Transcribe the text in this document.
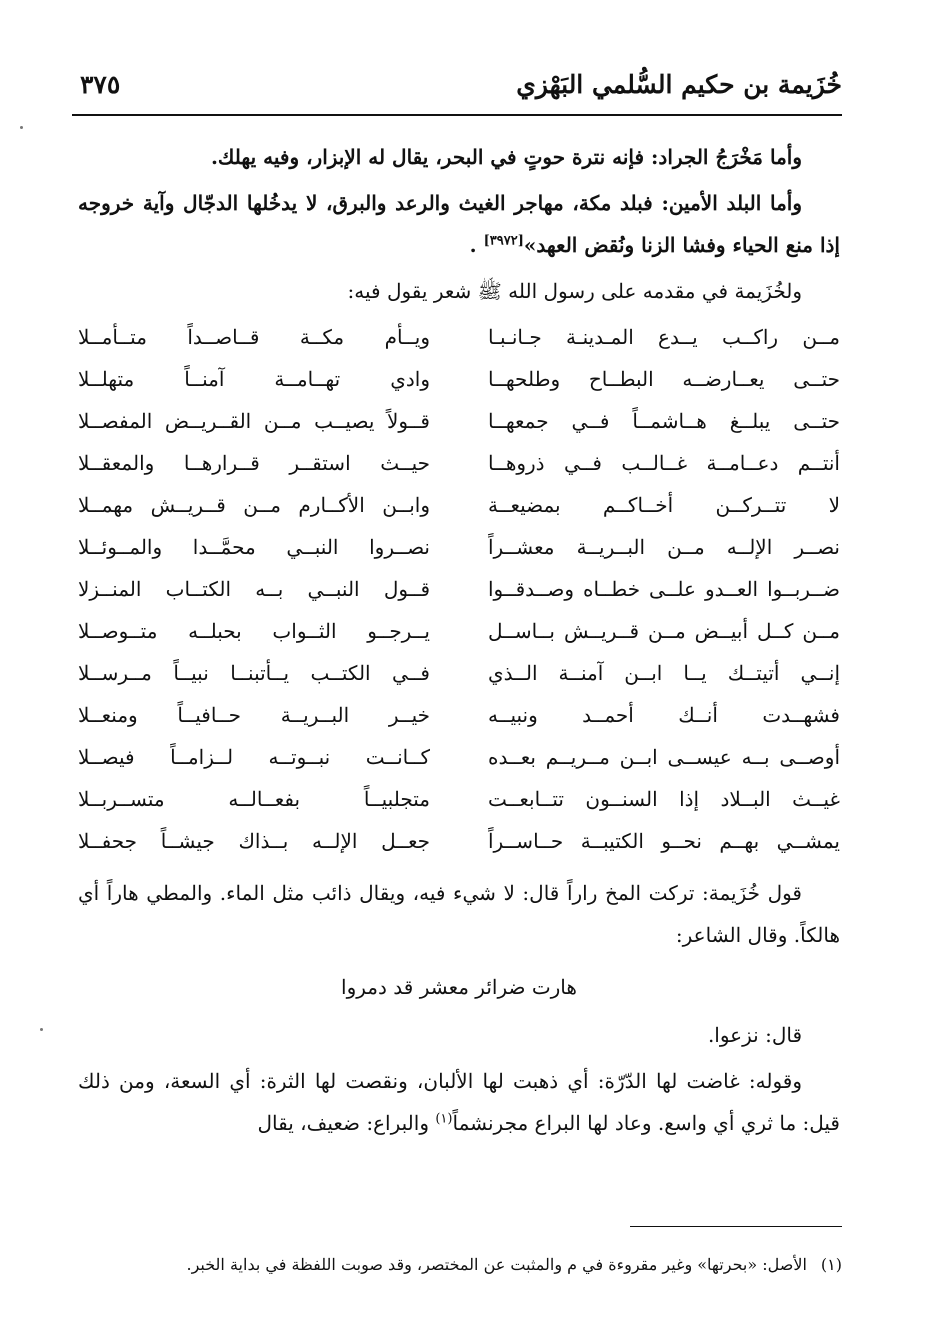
خُزَيمة بن حكيم السُّلمي البَهْزي
٣٧٥

وأما مَخْرَجُ الجراد: فإنه نترة حوتٍ في البحر، يقال له الإبزار، وفيه يهلك.

وأما البلد الأمين: فبلد مكة، مهاجر الغيث والرعد والبرق، لا يدخُلها الدجّال وآية خروجه إذا منع الحياء وفشا الزنا ونُقض العهد»[٣٩٧٢] .

ولخُزَيمة في مقدمه على رسول الله ﷺ شعر يقول فيه:

مــن راكــب يــدع المـدينـة جـانـبـا
ويــأم مكــة قــاصــداً متــأمــلا
حتــى يعــارضــه البطــاح وطلحهــا
وادي تهــامــة آمنــاً متهلــلا
حتــى يبلــغ هــاشمــاً فــي جمعهــا
قــولاً يصيــب مــن القــريــض المفصــلا
أنتــم دعــامــة غــالــب فــي ذروهــا
حيــث استقــر قــرارهــا والمعقــلا
لا تتــركــن أخــاكــم بمضيعــة
وابــن الأكــارم مــن قــريــش مهمــلا
نصــر الإلــه مــن البــريــة معشــراً
نصــروا النبــي محمَّــدا والمــوئــلا
ضــربــوا العــدو علــى خطــاه وصــدقــوا
قــول النبــي بــه الكتــاب المنــزلا
مــن كــل أبيــض مــن قــريــش بــاســل
يــرجــو الثــواب بحبلــه متــوصــلا
إنــي أتيتــك يــا ابــن آمنــة الــذي
فــي الكتــب يــأتبنــا نبيــاً مــرســلا
فشهــدت أنــك أحمــد ونبيــه
خيــر البــريــة حــافيــاً ومنعــلا
أوصــى بــه عيســى ابــن مــريــم بعــده
كــانــت نبــوتــه لــزامــاً فيصــلا
غيــث البــلاد إذا السنــون تتــابعــت
متجلبيــاً بفعــالــه متســربــلا
يمشــي بهــم نحــو الكتيبــة حــاســراً
جعــل الإلــه بــذاك جيشــاً جحفــلا

قول خُزَيمة: تركت المخ راراً قال: لا شيء فيه، ويقال ذائب مثل الماء. والمطي هاراً أي هالكاً. وقال الشاعر:

هارت ضرائر معشر قد دمروا

قال: نزعوا.

وقوله: غاضت لها الدّرّة: أي ذهبت لها الألبان، ونقصت لها الثرة: أي السعة، ومن ذلك قيل: ما ثري أي واسع. وعاد لها البراع مجرنشماً$^{(١)}$ والبراع: ضعيف، يقال

(١)الأصل: «بحرتها» وغير مقروءة في م والمثبت عن المختصر، وقد صوبت اللفظة في بداية الخبر.
